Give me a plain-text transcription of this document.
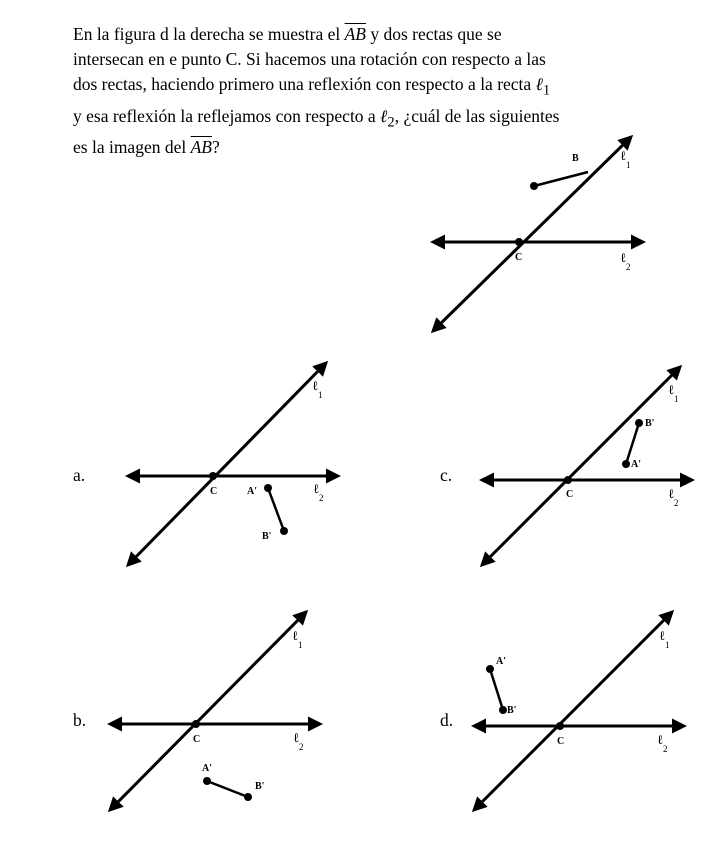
En la figura d la derecha se muestra el $\overline{AB}$ y dos rectas que se

intersecan en e punto C. Si hacemos una rotación con respecto a las

dos rectas, haciendo primero una reflexión con respecto a la recta ℓ$_1$

y esa reflexión la reflejamos con respecto a ℓ$_2$, ¿cuál de las siguientes

es la imagen del $\overline{AB}$?

a.	c.
b.	d.
B
C
ℓ
1
ℓ
2
C	A'
B'
ℓ
1
ℓ
2	C
A'
B'
ℓ
1
ℓ
2
C
A'
B'
ℓ
1
ℓ
2	C
A'
B'
ℓ
1
ℓ
2
